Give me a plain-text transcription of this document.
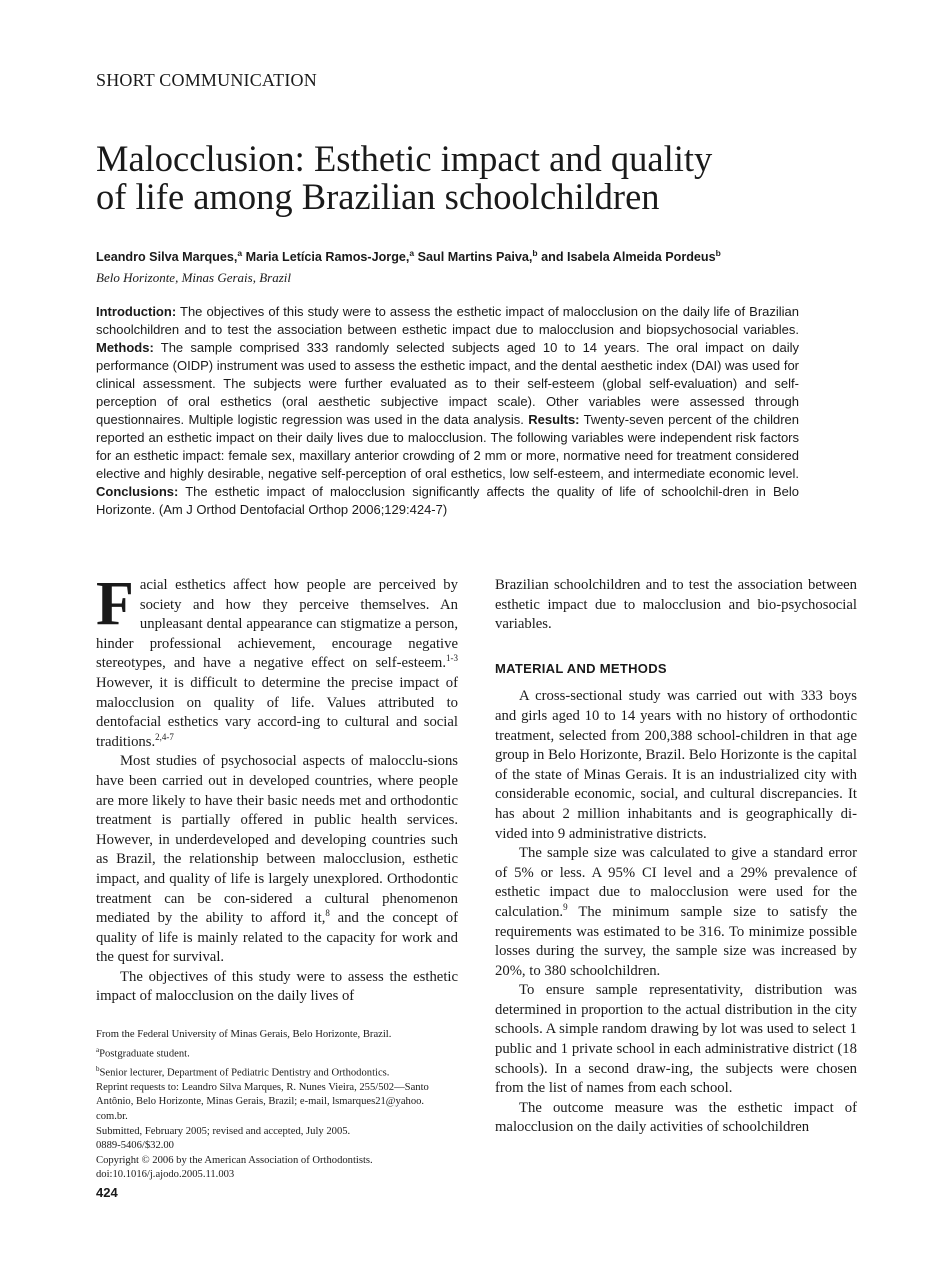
SHORT COMMUNICATION
Malocclusion: Esthetic impact and quality
of life among Brazilian schoolchildren
Leandro Silva Marques,$^a$ Maria Letícia Ramos-Jorge,$^a$ Saul Martins Paiva,$^b$ and Isabela Almeida Pordeus$^b$
Belo Horizonte, Minas Gerais, Brazil

Introduction: The objectives of this study were to assess the esthetic impact of malocclusion on the daily life of Brazilian schoolchildren and to test the association between esthetic impact due to malocclusion and biopsychosocial variables. Methods: The sample comprised 333 randomly selected subjects aged 10 to 14 years. The oral impact on daily performance (OIDP) instrument was used to assess the esthetic impact, and the dental aesthetic index (DAI) was used for clinical assessment. The subjects were further evaluated as to their self-esteem (global self-evaluation) and self-perception of oral esthetics (oral aesthetic subjective impact scale). Other variables were assessed through questionnaires. Multiple logistic regression was used in the data analysis. Results: Twenty-seven percent of the children reported an esthetic impact on their daily lives due to malocclusion. The following variables were independent risk factors for an esthetic impact: female sex, maxillary anterior crowding of 2 mm or more, normative need for treatment considered elective and highly desirable, negative self-perception of oral esthetics, low self-esteem, and intermediate economic level. Conclusions: The esthetic impact of malocclusion significantly affects the quality of life of schoolchil-dren in Belo Horizonte. (Am J Orthod Dentofacial Orthop 2006;129:424-7)

Facial esthetics affect how people are perceived by society and how they perceive themselves. An unpleasant dental appearance can stigmatize a person, hinder professional achievement, encourage negative stereotypes, and have a negative effect on self-esteem.$^{1-3}$ However, it is difficult to determine the precise impact of malocclusion on quality of life. Values attributed to dentofacial esthetics vary accord-ing to cultural and social traditions.$^{2,4-7}$

Most studies of psychosocial aspects of malocclu-sions have been carried out in developed countries, where people are more likely to have their basic needs met and orthodontic treatment is partially offered in public health services. However, in underdeveloped and developing countries such as Brazil, the relationship between malocclusion, esthetic impact, and quality of life is largely unexplored. Orthodontic treatment can be con-sidered a cultural phenomenon mediated by the ability to afford it,$^8$ and the concept of quality of life is mainly related to the capacity for work and the quest for survival.

The objectives of this study were to assess the esthetic impact of malocclusion on the daily lives of

Brazilian schoolchildren and to test the association between esthetic impact due to malocclusion and bio-psychosocial variables.

MATERIAL AND METHODS

A cross-sectional study was carried out with 333 boys and girls aged 10 to 14 years with no history of orthodontic treatment, selected from 200,388 school-children in that age group in Belo Horizonte, Brazil. Belo Horizonte is the capital of the state of Minas Gerais. It is an industrialized city with considerable economic, social, and cultural discrepancies. It has about 2 million inhabitants and is geographically di-vided into 9 administrative districts.

The sample size was calculated to give a standard error of 5% or less. A 95% CI level and a 29% prevalence of esthetic impact due to malocclusion were used for the calculation.$^9$ The minimum sample size to satisfy the requirements was estimated to be 316. To minimize possible losses during the survey, the sample size was increased by 20%, to 380 schoolchildren.

To ensure sample representativity, distribution was determined in proportion to the actual distribution in the city schools. A simple random drawing by lot was used to select 1 public and 1 private school in each administrative district (18 schools). In a second draw-ing, the subjects were chosen from the list of names from each school.

The outcome measure was the esthetic impact of malocclusion on the daily activities of schoolchildren

From the Federal University of Minas Gerais, Belo Horizonte, Brazil.
$^a$Postgraduate student.
$^b$Senior lecturer, Department of Pediatric Dentistry and Orthodontics.
Reprint requests to: Leandro Silva Marques, R. Nunes Vieira, 255/502—Santo Antônio, Belo Horizonte, Minas Gerais, Brazil; e-mail, lsmarques21@yahoo. com.br.
Submitted, February 2005; revised and accepted, July 2005.
0889-5406/$32.00
Copyright © 2006 by the American Association of Orthodontists.
doi:10.1016/j.ajodo.2005.11.003
424
